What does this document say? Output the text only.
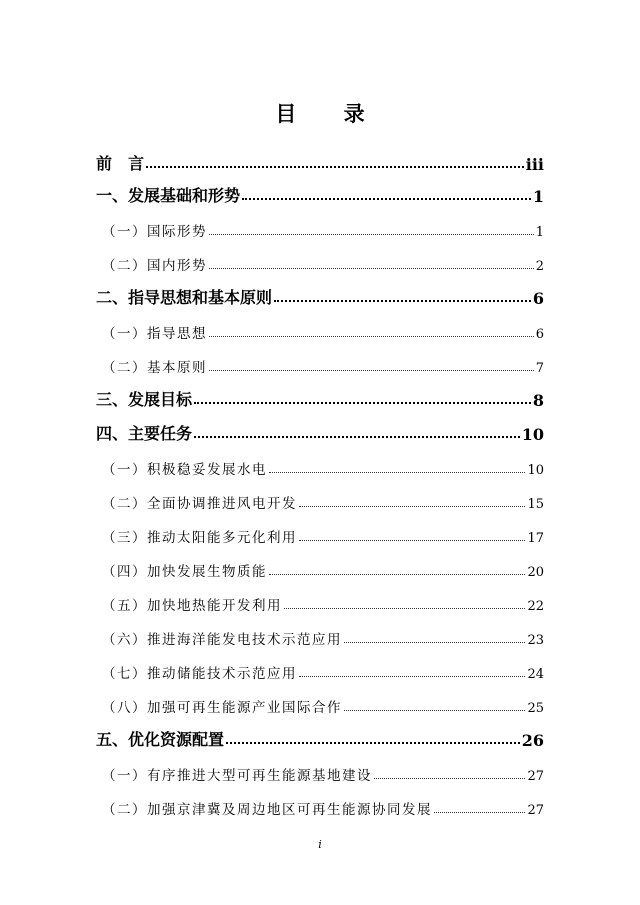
目 录
前　言	iii
一、发展基础和形势	1
（一）国际形势	1
（二）国内形势	2
二、指导思想和基本原则	6
（一）指导思想	6
（二）基本原则	7
三、发展目标	8
四、主要任务	10
（一）积极稳妥发展水电	10
（二）全面协调推进风电开发	15
（三）推动太阳能多元化利用	17
（四）加快发展生物质能	20
（五）加快地热能开发利用	22
（六）推进海洋能发电技术示范应用	23
（七）推动储能技术示范应用	24
（八）加强可再生能源产业国际合作	25
五、优化资源配置	26
（一）有序推进大型可再生能源基地建设	27
（二）加强京津冀及周边地区可再生能源协同发展	27
i
